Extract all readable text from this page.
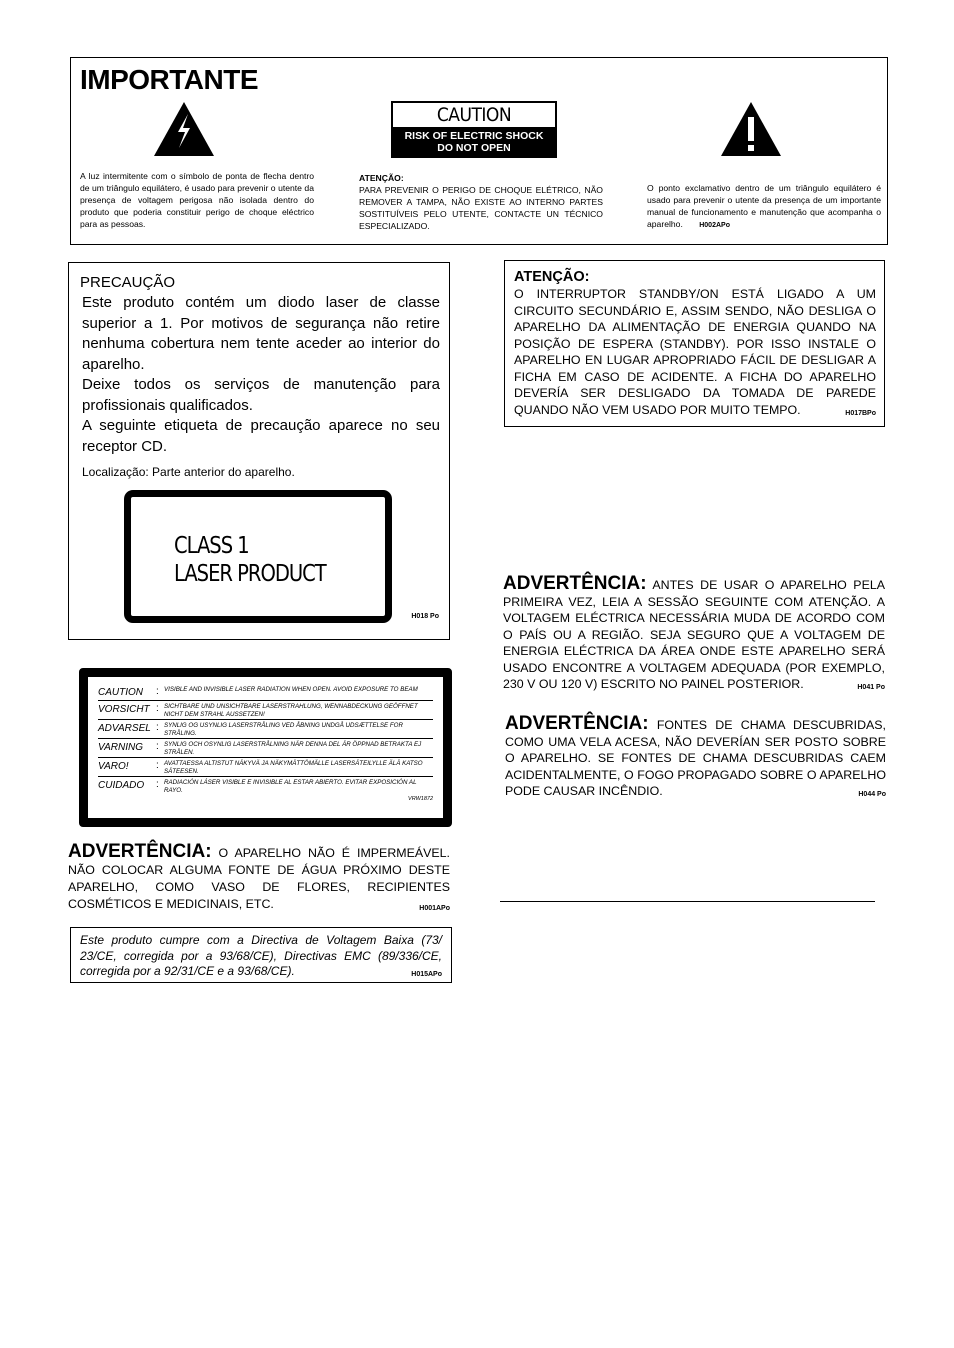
IMPORTANTE
CAUTION
RISK OF ELECTRIC SHOCK
DO NOT OPEN
A luz intermitente com o símbolo de ponta de flecha dentro de um triângulo equilátero, é usado para prevenir o utente da presença de voltagem perigosa não isolada dentro do produto que poderia constituir perigo de choque eléctrico para as pessoas.
ATENÇÃO:
PARA PREVENIR O PERIGO DE CHOQUE ELÉTRICO, NÃO REMOVER A TAMPA, NÃO EXISTE AO INTERNO PARTES SOSTITUÍVEIS PELO UTENTE, CONTACTE UN TÉCNICO ESPECIALIZADO.
O ponto exclamativo dentro de um triângulo equilátero é usado para prevenir o utente da presença de um importante manual de funcionamento e manutenção que acompanha o aparelho. H002APo
PRECAUÇÃO
Este produto contém um diodo laser de classe superior a 1. Por motivos de segurança não retire nenhuma cobertura nem tente aceder ao interior do aparelho.
Deixe todos os serviços de manutenção para profissionais qualificados.
A seguinte etiqueta de precaução aparece no seu receptor CD.
Localização: Parte anterior do aparelho.
CLASS 1
LASER PRODUCT
H018 Po
CAUTION	: VISIBLE AND INVISIBLE LASER RADIATION WHEN OPEN. AVOID EXPOSURE TO BEAM
VORSICHT : SICHTBARE UND UNSICHTBARE LASERSTRAHLUNG, WENNABDECKUNG GEÖFFNET NICHT DEM STRAHL AUSSETZEN!
ADVARSEL : SYNLIG OG USYNLIG LASERSTRÅLING VED ÅBNING UNDGÅ UDSÆTTELSE FOR STRÅLING.
VARNING	: SYNLIG OCH OSYNLIG LASERSTRÅLNING NÄR DENNA DEL ÄR ÖPPNAD BETRAKTA EJ STRÅLEN.
VARO!	: AVATTAESSA ALTISTUT NÄKYVÄ JA NÄKYMÄTTÖMÄLLE LASERSÄTEILYLLE ÄLÄ KATSO SÄTEESEN.
CUIDADO	: RADIACIÓN LÁSER VISIBLE E INVISIBLE AL ESTAR ABIERTO. EVITAR EXPOSICIÓN AL RAYO.
VRW1872
ADVERTÊNCIA: O APARELHO NÃO É IMPERMEÁVEL. NÃO COLOCAR ALGUMA FONTE DE ÁGUA PRÓXIMO DESTE APARELHO, COMO VASO DE FLORES, RECIPIENTES COSMÉTICOS E MEDICINAIS, ETC.	H001APo
Este produto cumpre com a Directiva de Voltagem Baixa (73/ 23/CE, corregida por a 93/68/CE), Directivas EMC (89/336/CE, corregida por a 92/31/CE e a 93/68/CE).	H015APo
ATENÇÃO:
O INTERRUPTOR STANDBY/ON ESTÁ LIGADO A UM CIRCUITO SECUNDÁRIO E, ASSIM SENDO, NÃO DESLIGA O APARELHO DA ALIMENTAÇÃO DE ENERGIA QUANDO NA POSIÇÃO DE ESPERA (STANDBY). POR ISSO INSTALE O APARELHO EN LUGAR APROPRIADO FÁCIL DE DESLIGAR A FICHA EM CASO DE ACIDENTE. A FICHA DO APARELHO DEVERÍA SER DESLIGADO DA TOMADA DE PAREDE QUANDO NÃO VEM USADO POR MUITO TEMPO.	H017BPo
ADVERTÊNCIA: ANTES DE USAR O APARELHO PELA PRIMEIRA VEZ, LEIA A SESSÃO SEGUINTE COM ATENÇÃO. A VOLTAGEM ELÉCTRICA NECESSÁRIA MUDA DE ACORDO COM O PAÍS OU A REGIÃO. SEJA SEGURO QUE A VOLTAGEM DE ENERGIA ELÉCTRICA DA ÁREA ONDE ESTE APARELHO SERÁ USADO ENCONTRE A VOLTAGEM ADEQUADA (POR EXEMPLO, 230 V OU 120 V) ESCRITO NO PAINEL POSTERIOR.	H041 Po
ADVERTÊNCIA: FONTES DE CHAMA DESCUBRIDAS, COMO UMA VELA ACESA, NÃO DEVERÍAN SER POSTO SOBRE O APARELHO. SE FONTES DE CHAMA DESCUBRIDAS CAEM ACIDENTALMENTE, O FOGO PROPAGADO SOBRE O APARELHO PODE CAUSAR INCÊNDIO.	H044 Po
